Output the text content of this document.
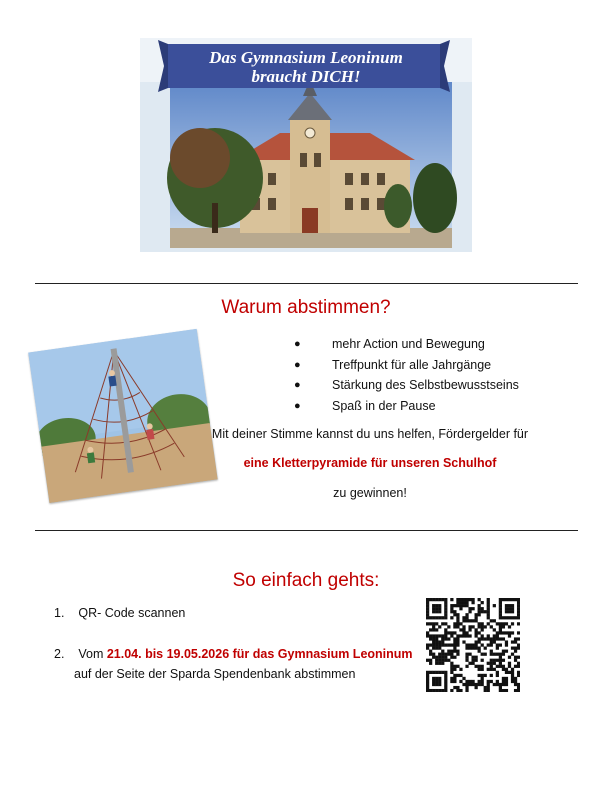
Das Gymnasium Leoninum
braucht DICH!
Warum abstimmen?
●	mehr Action und Bewegung
●	Treffpunkt für alle Jahrgänge
●	Stärkung des Selbstbewusstseins
●	Spaß in der Pause
Mit deiner Stimme kannst du uns helfen, Fördergelder für
eine Kletterpyramide für unseren Schulhof
zu gewinnen!
So einfach gehts:
1. QR- Code scannen
2. Vom 21.04. bis 19.05.2026 für das Gymnasium Leoninum
auf der Seite der Sparda Spendenbank abstimmen
